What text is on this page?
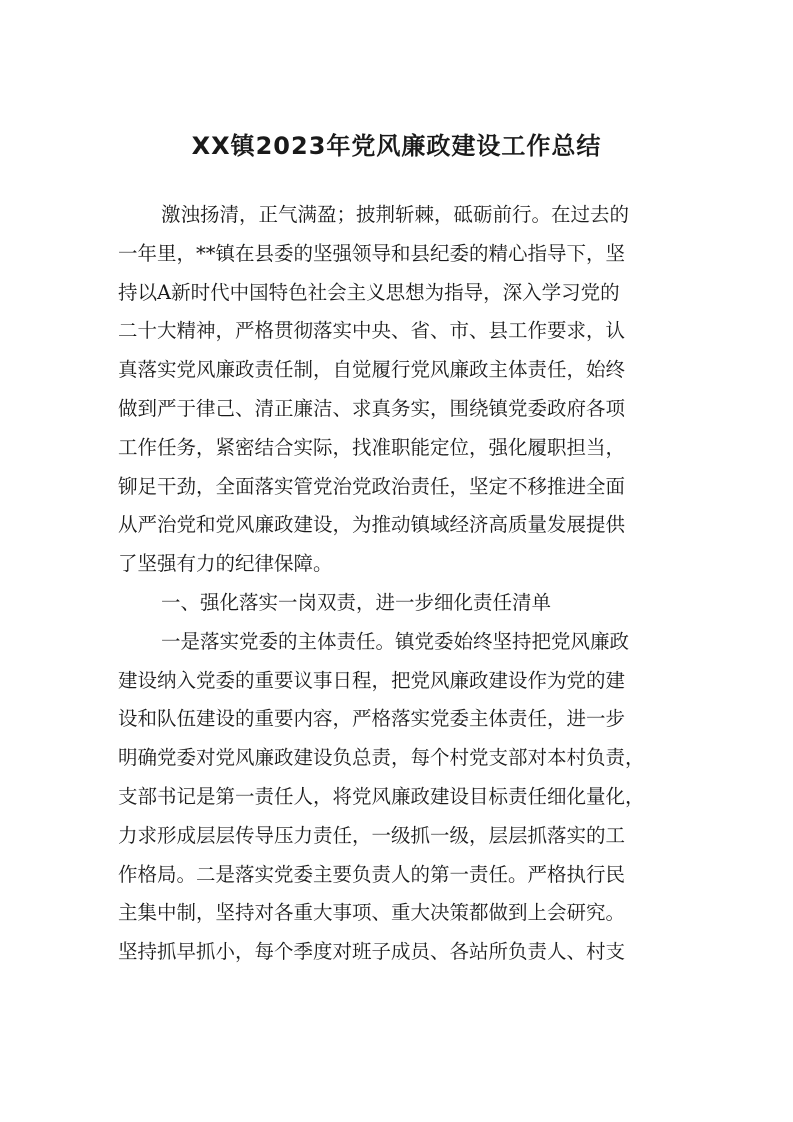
XX镇2023年党风廉政建设工作总结
激浊扬清，正气满盈；披荆斩棘，砥砺前行。在过去的
一年里，**镇在县委的坚强领导和县纪委的精心指导下，坚
持以A新时代中国特色社会主义思想为指导，深入学习党的
二十大精神，严格贯彻落实中央、省、市、县工作要求，认
真落实党风廉政责任制，自觉履行党风廉政主体责任，始终
做到严于律己、清正廉洁、求真务实，围绕镇党委政府各项
工作任务，紧密结合实际，找准职能定位，强化履职担当，
铆足干劲，全面落实管党治党政治责任，坚定不移推进全面
从严治党和党风廉政建设，为推动镇域经济高质量发展提供
了坚强有力的纪律保障。
一、强化落实一岗双责，进一步细化责任清单
一是落实党委的主体责任。镇党委始终坚持把党风廉政
建设纳入党委的重要议事日程，把党风廉政建设作为党的建
设和队伍建设的重要内容，严格落实党委主体责任，进一步
明确党委对党风廉政建设负总责，每个村党支部对本村负责，
支部书记是第一责任人，将党风廉政建设目标责任细化量化，
力求形成层层传导压力责任，一级抓一级，层层抓落实的工
作格局。二是落实党委主要负责人的第一责任。严格执行民
主集中制，坚持对各重大事项、重大决策都做到上会研究。
坚持抓早抓小，每个季度对班子成员、各站所负责人、村支
